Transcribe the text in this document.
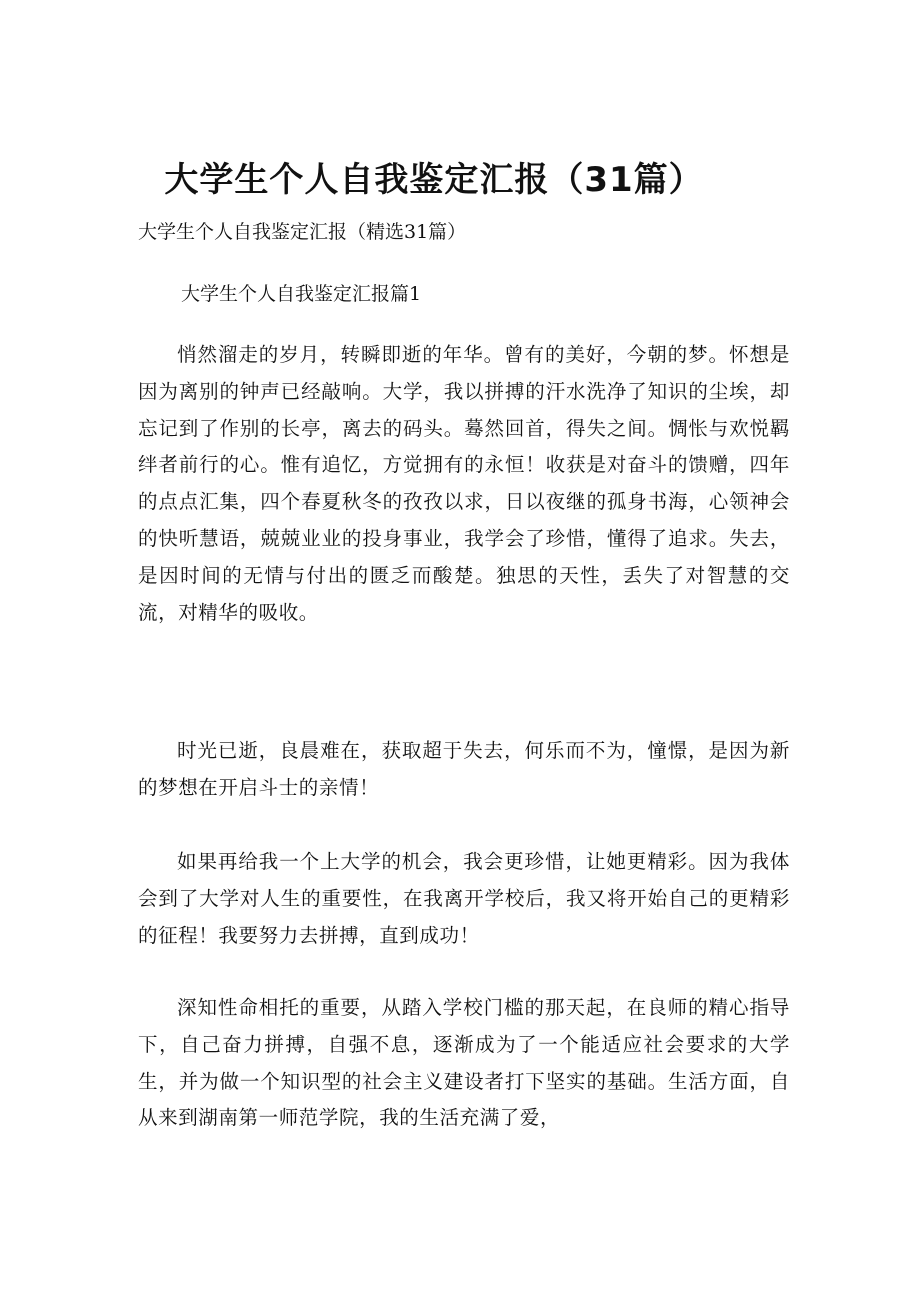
大学生个人自我鉴定汇报（31篇）

大学生个人自我鉴定汇报（精选31篇）

大学生个人自我鉴定汇报篇1

悄然溜走的岁月，转瞬即逝的年华。曾有的美好，今朝的梦。怀想是因为离别的钟声已经敲响。大学，我以拼搏的汗水洗净了知识的尘埃，却忘记到了作别的长亭，离去的码头。蓦然回首，得失之间。惆怅与欢悦羁绊者前行的心。惟有追忆，方觉拥有的永恒！收获是对奋斗的馈赠，四年的点点汇集，四个春夏秋冬的孜孜以求，日以夜继的孤身书海，心领神会的快听慧语，兢兢业业的投身事业，我学会了珍惜，懂得了追求。失去，是因时间的无情与付出的匮乏而酸楚。独思的天性，丢失了对智慧的交流，对精华的吸收。

时光已逝，良晨难在，获取超于失去，何乐而不为，憧憬，是因为新的梦想在开启斗士的亲情！

如果再给我一个上大学的机会，我会更珍惜，让她更精彩。因为我体会到了大学对人生的重要性，在我离开学校后，我又将开始自己的更精彩的征程！我要努力去拼搏，直到成功！

深知性命相托的重要，从踏入学校门槛的那天起，在良师的精心指导下，自己奋力拼搏，自强不息，逐渐成为了一个能适应社会要求的大学生，并为做一个知识型的社会主义建设者打下坚实的基础。生活方面，自从来到湖南第一师范学院，我的生活充满了爱，
